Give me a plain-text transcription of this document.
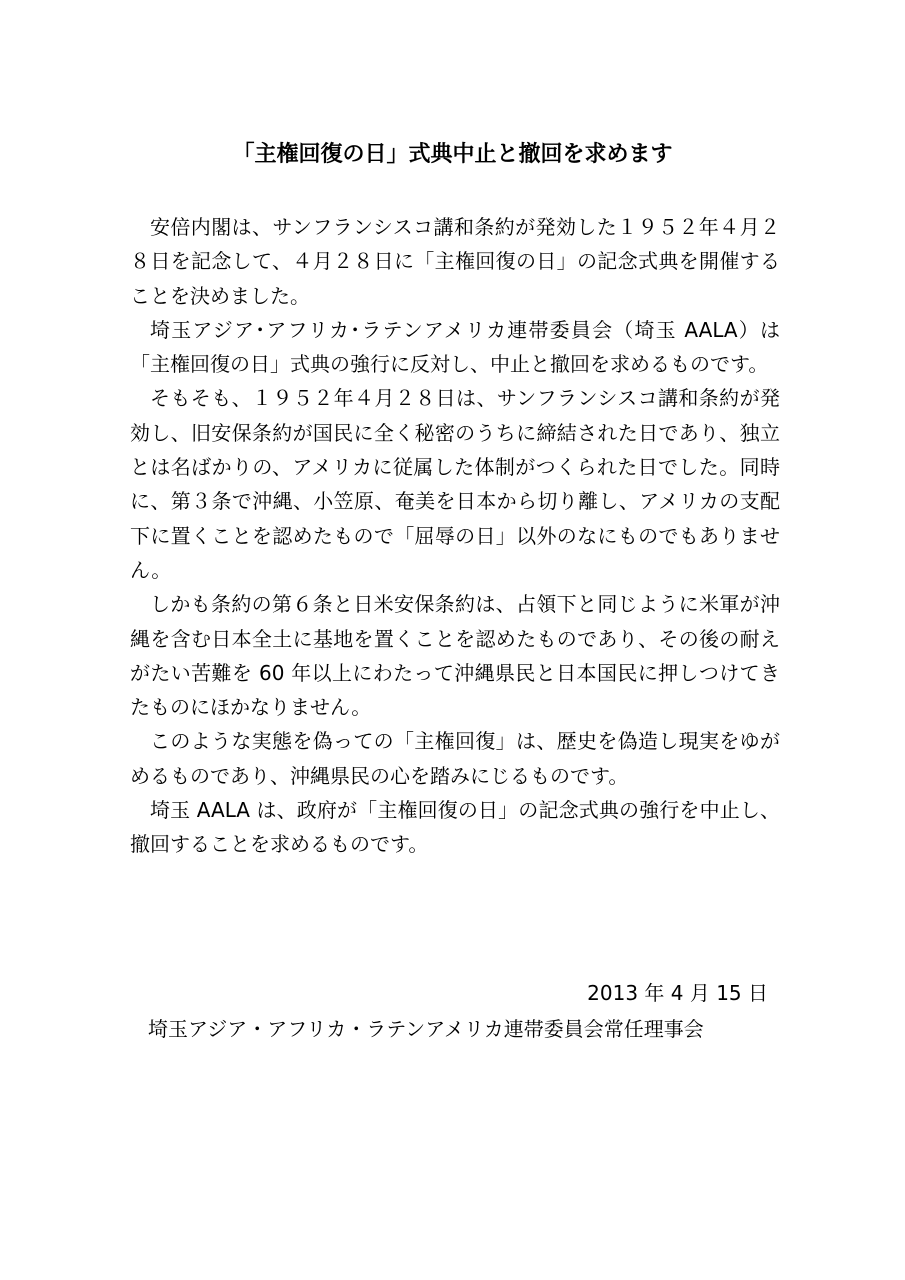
「主権回復の日」式典中止と撤回を求めます

安倍内閣は、サンフランシスコ講和条約が発効した１９５２年４月２８日を記念して、４月２８日に「主権回復の日」の記念式典を開催することを決めました。

埼玉アジア･アフリカ･ラテンアメリカ連帯委員会（埼玉 AALA）は「主権回復の日」式典の強行に反対し、中止と撤回を求めるものです。

そもそも、１９５２年４月２８日は、サンフランシスコ講和条約が発効し、旧安保条約が国民に全く秘密のうちに締結された日であり、独立とは名ばかりの、アメリカに従属した体制がつくられた日でした。同時に、第３条で沖縄、小笠原、奄美を日本から切り離し、アメリカの支配下に置くことを認めたもので「屈辱の日」以外のなにものでもありません。

しかも条約の第６条と日米安保条約は、占領下と同じように米軍が沖縄を含む日本全土に基地を置くことを認めたものであり、その後の耐えがたい苦難を 60 年以上にわたって沖縄県民と日本国民に押しつけてきたものにほかなりません。

このような実態を偽っての「主権回復」は、歴史を偽造し現実をゆがめるものであり、沖縄県民の心を踏みにじるものです。

埼玉 AALA は、政府が「主権回復の日」の記念式典の強行を中止し、撤回することを求めるものです。

2013 年 4 月 15 日
埼玉アジア・アフリカ・ラテンアメリカ連帯委員会常任理事会
